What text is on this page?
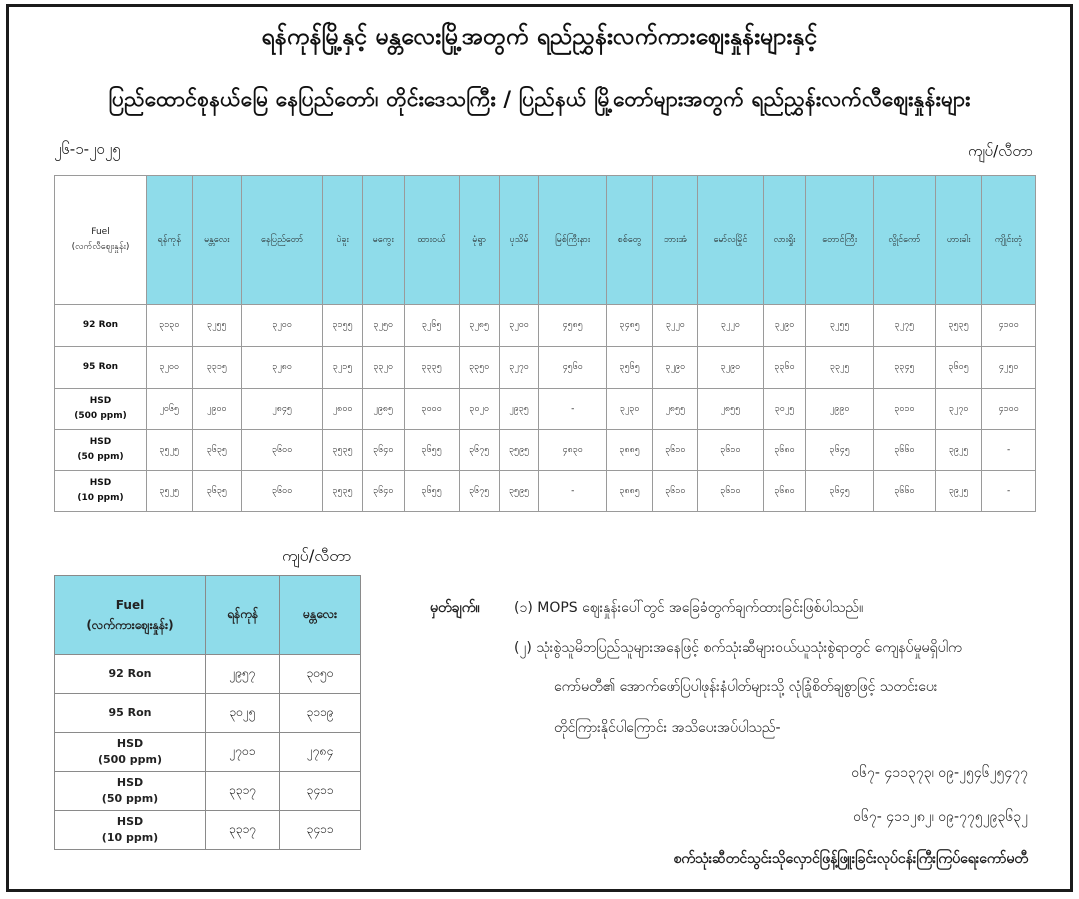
ရန်ကုန်မြို့နှင့် မန္တလေးမြို့အတွက် ရည်ညွှန်းလက်ကားဈေးနှုန်းများနှင့်
ပြည်ထောင်စုနယ်မြေ နေပြည်တော်၊ တိုင်းဒေသကြီး / ပြည်နယ် မြို့တော်များအတွက် ရည်ညွှန်းလက်လီဈေးနှုန်းများ
၂၆-၁-၂၀၂၅	ကျပ်/လီတာ
Fuel
(လက်လီဈေးနှုန်း)	ရန်ကုန်	မန္တလေး	နေပြည်တော်	ပဲခူး	မကွေး	ထားဝယ်	မုံရွာ	ပုသိမ်	မြစ်ကြီးနား	စစ်တွေ	ဘားအံ	မော်လမြိုင်	လားရှိုး	တောင်ကြီး	လွိုင်ကော်	ဟားခါး	ကျိုင်းတုံ
92 Ron	၃၁၃၀	၃၂၅၅	၃၂၀၀	၃၁၅၅	၃၂၅၀	၃၂၆၅	၃၂၈၅	၃၂၀၀	၄၅၈၅	၃၄၈၅	၃၂၂၀	၃၂၂၀	၃၂၉၀	၃၂၅၅	၃၂၇၅	၃၅၃၅	၄၁၀၀
95 Ron	၃၂၀၀	၃၃၁၅	၃၂၈၀	၃၂၁၅	၃၃၂၀	၃၃၃၅	၃၃၅၀	၃၂၇၀	၄၅၆၀	၃၅၆၅	၃၂၉၀	၃၂၉၀	၃၃၆၀	၃၃၂၅	၃၃၄၅	၃၆၀၅	၄၂၅၀
HSD
(500 ppm)	၂၀၆၅	၂၉၀၀	၂၈၄၅	၂၈၀၀	၂၉၈၅	၃၀၀၀	၃၀၂၀	၂၉၃၅	-	၃၂၃၀	၂၈၅၅	၂၈၅၅	၃၀၂၅	၂၉၉၀	၃၀၁၀	၃၂၇၀	၄၁၀၀
HSD
(50 ppm)	၃၅၂၅	၃၆၃၅	၃၆၀၀	၃၅၃၅	၃၆၄၀	၃၆၅၅	၃၆၇၅	၃၅၉၅	၄၈၃၀	၃၈၈၅	၃၆၁၀	၃၆၁၀	၃၆၈၀	၃၆၄၅	၃၆၆၀	၃၉၂၅	-
HSD
(10 ppm)	၃၅၂၅	၃၆၃၅	၃၆၀၀	၃၅၃၅	၃၆၄၀	၃၆၅၅	၃၆၇၅	၃၅၉၅	-	၃၈၈၅	၃၆၁၀	၃၆၁၀	၃၆၈၀	၃၆၄၅	၃၆၆၀	၃၉၂၅	-
ကျပ်/လီတာ
Fuel
(လက်ကားဈေးနှုန်း)	ရန်ကုန်	မန္တလေး
92 Ron	၂၉၅၇	၃၀၅၀
95 Ron	၃၀၂၅	၃၁၁၉
HSD
(500 ppm)	၂၇၀၁	၂၇၈၄
HSD
(50 ppm)	၃၃၁၇	၃၄၁၁
HSD
(10 ppm)	၃၃၁၇	၃၄၁၁
မှတ်ချက်။ (၁) MOPS ဈေးနှုန်းပေါ်တွင် အခြေခံတွက်ချက်ထားခြင်းဖြစ်ပါသည်။
(၂) သုံးစွဲသူမိဘပြည်သူများအနေဖြင့် စက်သုံးဆီများဝယ်ယူသုံးစွဲရာတွင် ကျေနပ်မှုမရှိပါက
ကော်မတီ၏ အောက်ဖော်ပြပါဖုန်းနံပါတ်များသို့ လုံခြုံစိတ်ချစွာဖြင့် သတင်းပေး
တိုင်ကြားနိုင်ပါကြောင်း အသိပေးအပ်ပါသည်-
၀၆၇- ၄၁၁၃၇၃၊ ၀၉-၂၅၄၆၂၅၄၇၇
၀၆၇- ၄၁၁၂၈၂၊ ၀၉-၇၇၅၂၉၃၆၃၂
စက်သုံးဆီတင်သွင်းသိုလှောင်ဖြန့်ဖြူးခြင်းလုပ်ငန်းကြီးကြပ်ရေးကော်မတီ
